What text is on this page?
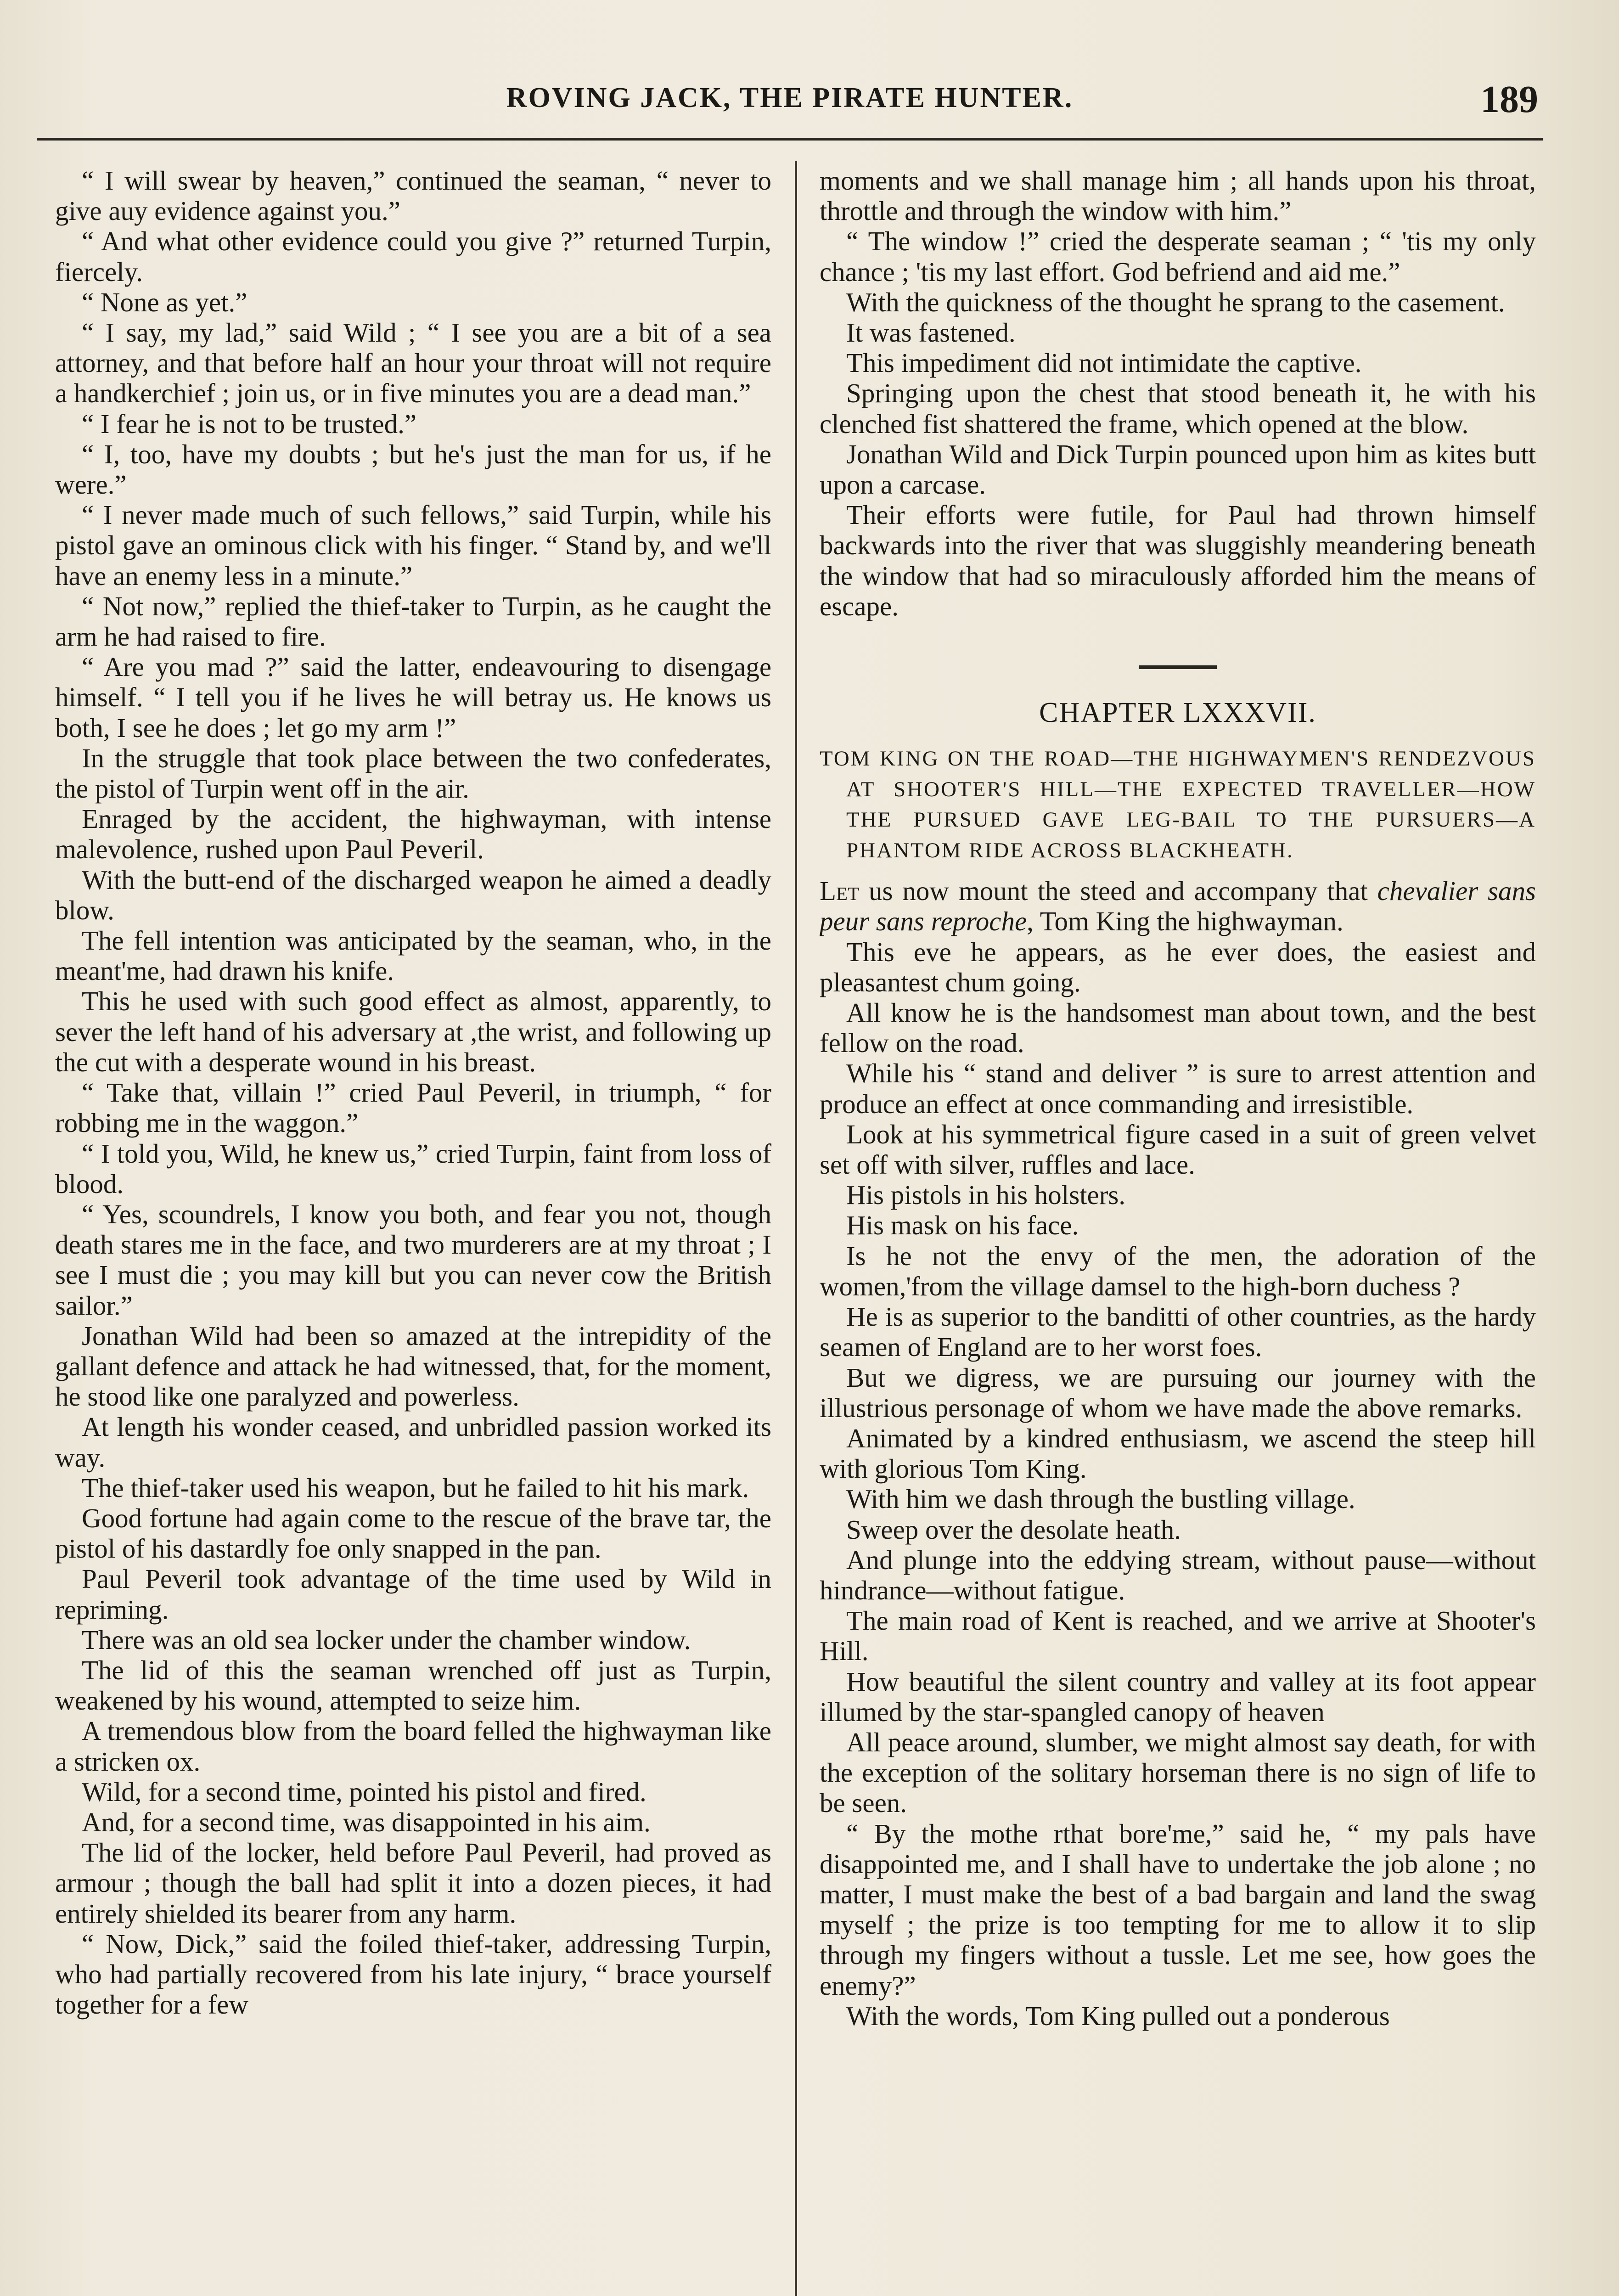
ROVING JACK, THE PIRATE HUNTER.	189

“ I will swear by heaven,” continued the seaman, “ never to give auy evidence against you.”

“ And what other evidence could you give ?” returned Turpin, fiercely.

“ None as yet.”

“ I say, my lad,” said Wild ; “ I see you are a bit of a sea attorney, and that before half an hour your throat will not require a handkerchief ; join us, or in five minutes you are a dead man.”

“ I fear he is not to be trusted.”

“ I, too, have my doubts ; but he's just the man for us, if he were.”

“ I never made much of such fellows,” said Turpin, while his pistol gave an ominous click with his finger. “ Stand by, and we'll have an enemy less in a minute.”

“ Not now,” replied the thief-taker to Turpin, as he caught the arm he had raised to fire.

“ Are you mad ?” said the latter, endeavouring to disengage himself. “ I tell you if he lives he will betray us. He knows us both, I see he does ; let go my arm !”

In the struggle that took place between the two confederates, the pistol of Turpin went off in the air.

Enraged by the accident, the highwayman, with intense malevolence, rushed upon Paul Peveril.

With the butt-end of the discharged weapon he aimed a deadly blow.

The fell intention was anticipated by the seaman, who, in the meant'me, had drawn his knife.

This he used with such good effect as almost, apparently, to sever the left hand of his adversary at ,the wrist, and following up the cut with a desperate wound in his breast.

“ Take that, villain !” cried Paul Peveril, in triumph, “ for robbing me in the waggon.”

“ I told you, Wild, he knew us,” cried Turpin, faint from loss of blood.

“ Yes, scoundrels, I know you both, and fear you not, though death stares me in the face, and two murderers are at my throat ; I see I must die ; you may kill but you can never cow the British sailor.”

Jonathan Wild had been so amazed at the intrepidity of the gallant defence and attack he had witnessed, that, for the moment, he stood like one paralyzed and powerless.

At length his wonder ceased, and unbridled passion worked its way.

The thief-taker used his weapon, but he failed to hit his mark.

Good fortune had again come to the rescue of the brave tar, the pistol of his dastardly foe only snapped in the pan.

Paul Peveril took advantage of the time used by Wild in repriming.

There was an old sea locker under the chamber window.

The lid of this the seaman wrenched off just as Turpin, weakened by his wound, attempted to seize him.

A tremendous blow from the board felled the highwayman like a stricken ox.

Wild, for a second time, pointed his pistol and fired.

And, for a second time, was disappointed in his aim.

The lid of the locker, held before Paul Peveril, had proved as armour ; though the ball had split it into a dozen pieces, it had entirely shielded its bearer from any harm.

“ Now, Dick,” said the foiled thief-taker, addressing Turpin, who had partially recovered from his late injury, “ brace yourself together for a few

moments and we shall manage him ; all hands upon his throat, throttle and through the window with him.”

“ The window !” cried the desperate seaman ; “ 'tis my only chance ; 'tis my last effort. God befriend and aid me.”

With the quickness of the thought he sprang to the casement.

It was fastened.

This impediment did not intimidate the captive.

Springing upon the chest that stood beneath it, he with his clenched fist shattered the frame, which opened at the blow.

Jonathan Wild and Dick Turpin pounced upon him as kites butt upon a carcase.

Their efforts were futile, for Paul had thrown himself backwards into the river that was sluggishly meandering beneath the window that had so miraculously afforded him the means of escape.

CHAPTER LXXXVII.

TOM KING ON THE ROAD—THE HIGHWAYMEN'S RENDEZVOUS AT SHOOTER'S HILL—THE EXPECTED TRAVELLER—HOW THE PURSUED GAVE LEG-BAIL TO THE PURSUERS—A PHANTOM RIDE ACROSS BLACKHEATH.

Let us now mount the steed and accompany that chevalier sans peur sans reproche, Tom King the highwayman.

This eve he appears, as he ever does, the easiest and pleasantest chum going.

All know he is the handsomest man about town, and the best fellow on the road.

While his “ stand and deliver ” is sure to arrest attention and produce an effect at once commanding and irresistible.

Look at his symmetrical figure cased in a suit of green velvet set off with silver, ruffles and lace.

His pistols in his holsters.

His mask on his face.

Is he not the envy of the men, the adoration of the women,'from the village damsel to the high-born duchess ?

He is as superior to the banditti of other countries, as the hardy seamen of England are to her worst foes.

But we digress, we are pursuing our journey with the illustrious personage of whom we have made the above remarks.

Animated by a kindred enthusiasm, we ascend the steep hill with glorious Tom King.

With him we dash through the bustling village.

Sweep over the desolate heath.

And plunge into the eddying stream, without pause—without hindrance—without fatigue.

The main road of Kent is reached, and we arrive at Shooter's Hill.

How beautiful the silent country and valley at its foot appear illumed by the star-spangled canopy of heaven

All peace around, slumber, we might almost say death, for with the exception of the solitary horseman there is no sign of life to be seen.

“ By the mothe rthat bore'me,” said he, “ my pals have disappointed me, and I shall have to undertake the job alone ; no matter, I must make the best of a bad bargain and land the swag myself ; the prize is too tempting for me to allow it to slip through my fingers without a tussle. Let me see, how goes the enemy?”

With the words, Tom King pulled out a ponderous
